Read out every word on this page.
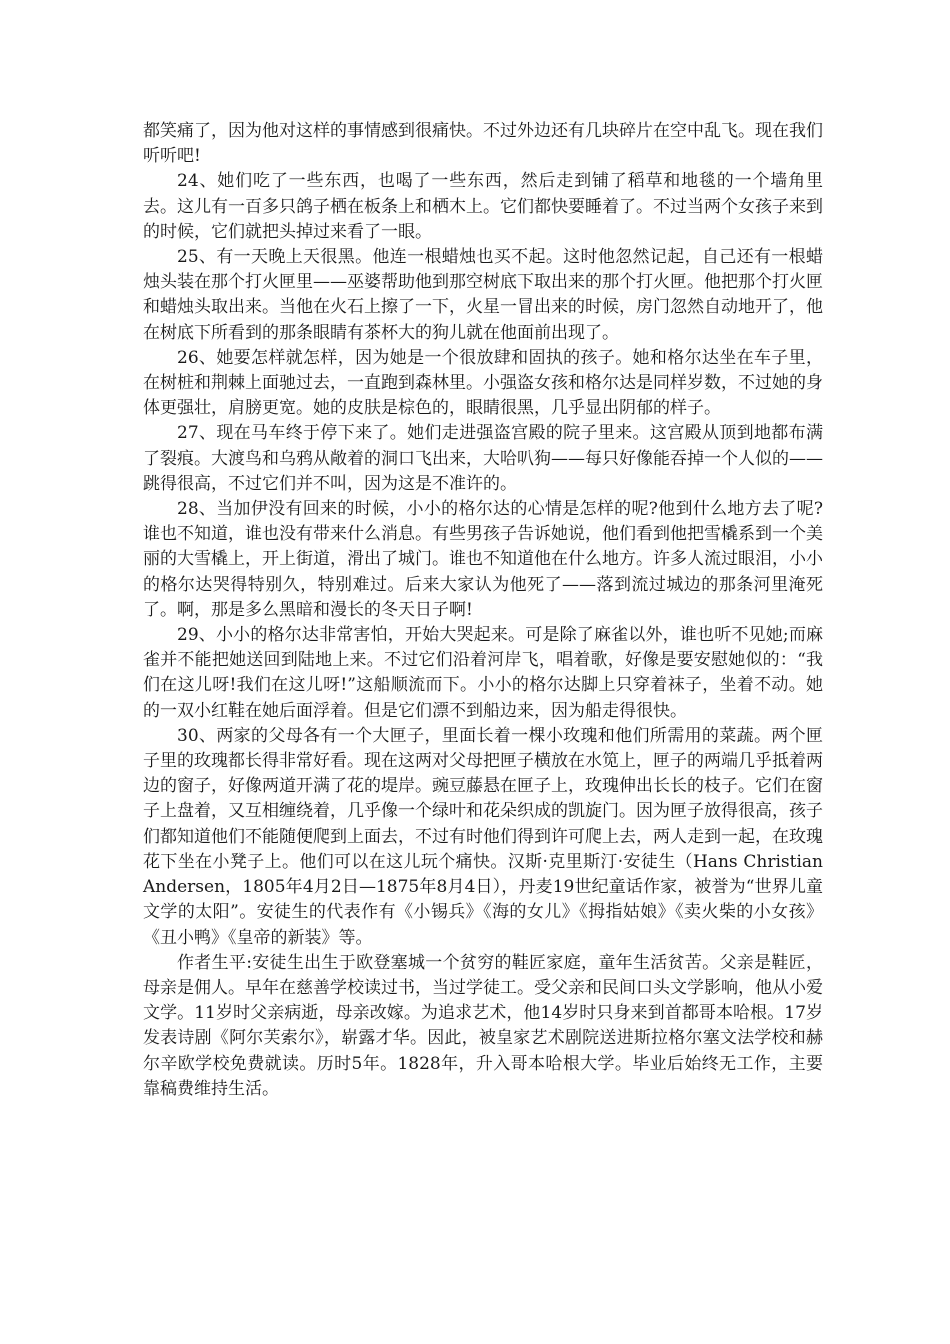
都笑痛了，因为他对这样的事情感到很痛快。不过外边还有几块碎片在空中乱飞。现在我们听听吧!

24、她们吃了一些东西，也喝了一些东西，然后走到铺了稻草和地毯的一个墙角里去。这儿有一百多只鸽子栖在板条上和栖木上。它们都快要睡着了。不过当两个女孩子来到的时候，它们就把头掉过来看了一眼。

25、有一天晚上天很黑。他连一根蜡烛也买不起。这时他忽然记起，自己还有一根蜡烛头装在那个打火匣里——巫婆帮助他到那空树底下取出来的那个打火匣。他把那个打火匣和蜡烛头取出来。当他在火石上擦了一下，火星一冒出来的时候，房门忽然自动地开了，他在树底下所看到的那条眼睛有茶杯大的狗儿就在他面前出现了。

26、她要怎样就怎样，因为她是一个很放肆和固执的孩子。她和格尔达坐在车子里，在树桩和荆棘上面驰过去，一直跑到森林里。小强盗女孩和格尔达是同样岁数，不过她的身体更强壮，肩膀更宽。她的皮肤是棕色的，眼睛很黑，几乎显出阴郁的样子。

27、现在马车终于停下来了。她们走进强盗宫殿的院子里来。这宫殿从顶到地都布满了裂痕。大渡鸟和乌鸦从敞着的洞口飞出来，大哈叭狗——每只好像能吞掉一个人似的——跳得很高，不过它们并不叫，因为这是不准许的。

28、当加伊没有回来的时候，小小的格尔达的心情是怎样的呢?他到什么地方去了呢?谁也不知道，谁也没有带来什么消息。有些男孩子告诉她说，他们看到他把雪橇系到一个美丽的大雪橇上，开上街道，滑出了城门。谁也不知道他在什么地方。许多人流过眼泪，小小的格尔达哭得特别久，特别难过。后来大家认为他死了——落到流过城边的那条河里淹死了。啊，那是多么黑暗和漫长的冬天日子啊!

29、小小的格尔达非常害怕，开始大哭起来。可是除了麻雀以外，谁也听不见她;而麻雀并不能把她送回到陆地上来。不过它们沿着河岸飞，唱着歌，好像是要安慰她似的：“我们在这儿呀!我们在这儿呀!”这船顺流而下。小小的格尔达脚上只穿着袜子，坐着不动。她的一双小红鞋在她后面浮着。但是它们漂不到船边来，因为船走得很快。

30、两家的父母各有一个大匣子，里面长着一棵小玫瑰和他们所需用的菜蔬。两个匣子里的玫瑰都长得非常好看。现在这两对父母把匣子横放在水笕上，匣子的两端几乎抵着两边的窗子，好像两道开满了花的堤岸。豌豆藤悬在匣子上，玫瑰伸出长长的枝子。它们在窗子上盘着，又互相缠绕着，几乎像一个绿叶和花朵织成的凯旋门。因为匣子放得很高，孩子们都知道他们不能随便爬到上面去，不过有时他们得到许可爬上去，两人走到一起，在玫瑰花下坐在小凳子上。他们可以在这儿玩个痛快。汉斯·克里斯汀·安徒生（Hans Christian Andersen，1805年4月2日—1875年8月4日），丹麦19世纪童话作家，被誉为“世界儿童文学的太阳”。安徒生的代表作有《小锡兵》《海的女儿》《拇指姑娘》《卖火柴的小女孩》《丑小鸭》《皇帝的新装》等。

作者生平:安徒生出生于欧登塞城一个贫穷的鞋匠家庭，童年生活贫苦。父亲是鞋匠，母亲是佣人。早年在慈善学校读过书，当过学徒工。受父亲和民间口头文学影响，他从小爱文学。11岁时父亲病逝，母亲改嫁。为追求艺术，他14岁时只身来到首都哥本哈根。17岁发表诗剧《阿尔芙索尔》，崭露才华。因此，被皇家艺术剧院送进斯拉格尔塞文法学校和赫尔辛欧学校免费就读。历时5年。1828年，升入哥本哈根大学。毕业后始终无工作，主要靠稿费维持生活。
